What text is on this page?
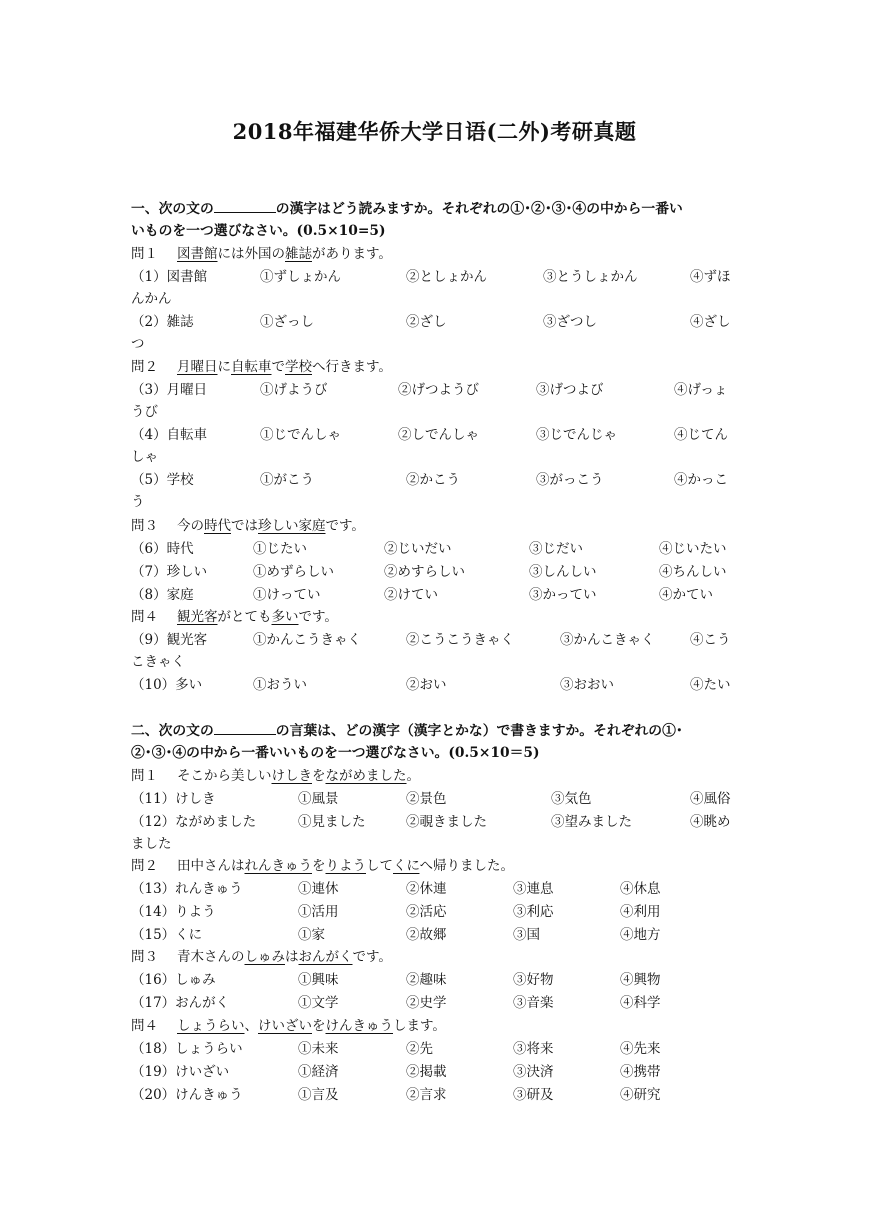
2018年福建华侨大学日语(二外)考研真题
一、次の文の	の漢字はどう読みますか。それぞれの①･②･③･④の中から一番い
いものを一つ選びなさい。(0.5×10=5)
問１ 図書館には外国の雑誌があります。
（1）図書館	①ずしょかん	②としょかん	③とうしょかん	④ずほ
んかん
（2）雑誌	①ざっし	②ざし	③ざつし	④ざし
つ
問２ 月曜日に自転車で学校へ行きます。
（3）月曜日	①げようび	②げつようび	③げつよび	④げっょ
うび
（4）自転車	①じでんしゃ	②しでんしゃ	③じでんじゃ	④じてん
しゃ
（5）学校	①がこう	②かこう	③がっこう	④かっこ
う
問３ 今の時代では珍しい家庭です。
（6）時代	①じたい	②じいだい	③じだい	④じいたい
（7）珍しい	①めずらしい	②めすらしい	③しんしい	④ちんしい
（8）家庭	①けってい	②けてい	③かってい	④かてい
問４ 観光客がとても多いです。
（9）観光客	①かんこうきゃく	②こうこうきゃく	③かんこきゃく	④こう
こきゃく
（10）多い	①おうい	②おい	③おおい	④たい
二、次の文の	の言葉は、どの漢字（漢字とかな）で書きますか。それぞれの①･
②･③･④の中から一番いいものを一つ選びなさい。(0.5×10＝5)
問１ そこから美しいけしきをながめました。
（11）けしき	①風景	②景色	③気色	④風俗
（12）ながめました	①見ました	②覗きました	③望みました	④眺め
ました
問２ 田中さんはれんきゅうをりようしてくにへ帰りました。
（13）れんきゅう	①連休	②休連	③連息	④休息
（14）りよう	①活用	②活応	③利応	④利用
（15）くに	①家	②故郷	③国	④地方
問３ 青木さんのしゅみはおんがくです。
（16）しゅみ	①興味	②趣味	③好物	④興物
（17）おんがく	①文学	②史学	③音楽	④科学
問４ しょうらい、けいざいをけんきゅうします。
（18）しょうらい	①未来	②先	③将来	④先来
（19）けいざい	①経済	②掲載	③決済	④携帯
（20）けんきゅう	①言及	②言求	③研及	④研究
